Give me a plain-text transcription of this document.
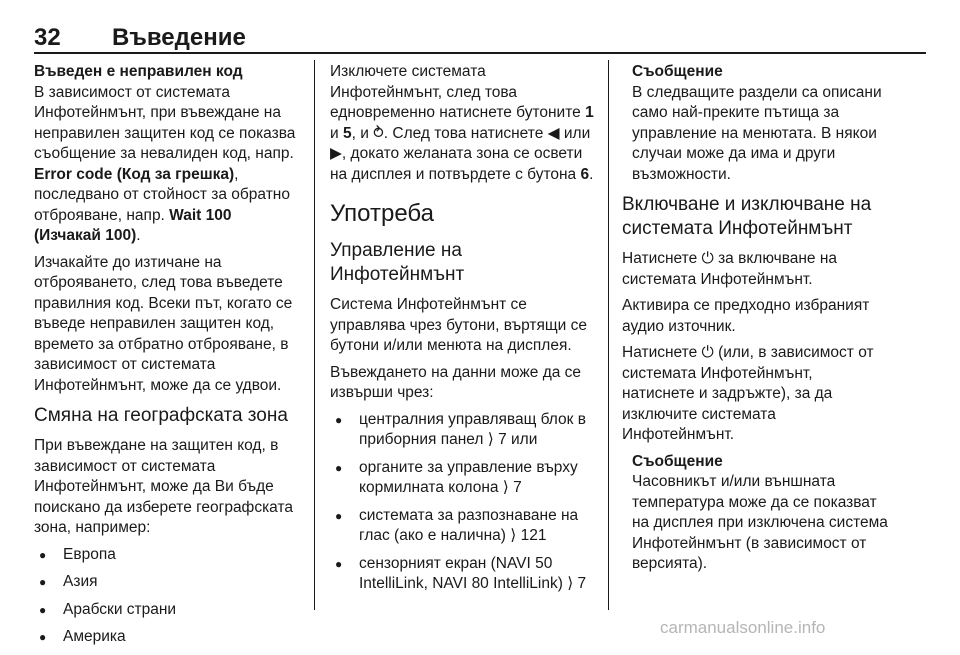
32 Въведение
Въведен е неправилен код

В зависимост от системата Инфотейнмънт, при въвеждане на неправилен защитен код се показва съобщение за невалиден код, напр. Error code (Код за грешка), последвано от стойност за обратно отброяване, напр. Wait 100 (Изчакай 100).

Изчакайте до изтичане на отброяването, след това въведете правилния код. Всеки път, когато се въведе неправилен защитен код, времето за отбратно отброяване, в зависимост от системата Инфотейнмънт, може да се удвои.

Смяна на географската зона

При въвеждане на защитен код, в зависимост от системата Инфотейнмънт, може да Ви бъде поискано да изберете географската зона, например:

● Европа
● Азия
● Арабски страни
● Америка

Изключете системата Инфотейнмънт, след това едновременно натиснете бутоните 1 и 5, и ⥁. След това натиснете ◀ или ▶, докато желаната зона се освети на дисплея и потвърдете с бутона 6.

Употреба
Управление на Инфотейнмънт

Система Инфотейнмънт се управлява чрез бутони, въртящи се бутони и/или менюта на дисплея.

Въвеждането на данни може да се извърши чрез:

● централния управляващ блок в приборния панел ⟩ 7 или
● органите за управление върху кормилната колона ⟩ 7
● системата за разпознаване на глас (ако е налична) ⟩ 121
● сензорният екран (NAVI 50 IntelliLink, NAVI 80 IntelliLink) ⟩ 7
Съобщение
В следващите раздели са описани само най-преките пътища за управление на менютата. В някои случаи може да има и други възможности.
Включване и изключване на системата Инфотейнмънт

Натиснете ⏻ за включване на системата Инфотейнмънт.

Активира се предходно избраният аудио източник.

Натиснете ⏻ (или, в зависимост от системата Инфотейнмънт, натиснете и задръжте), за да изключите системата Инфотейнмънт.

Съобщение
Часовникът и/или външната температура може да се показват на дисплея при изключена система Инфотейнмънт (в зависимост от версията).
carmanualsonline.info
